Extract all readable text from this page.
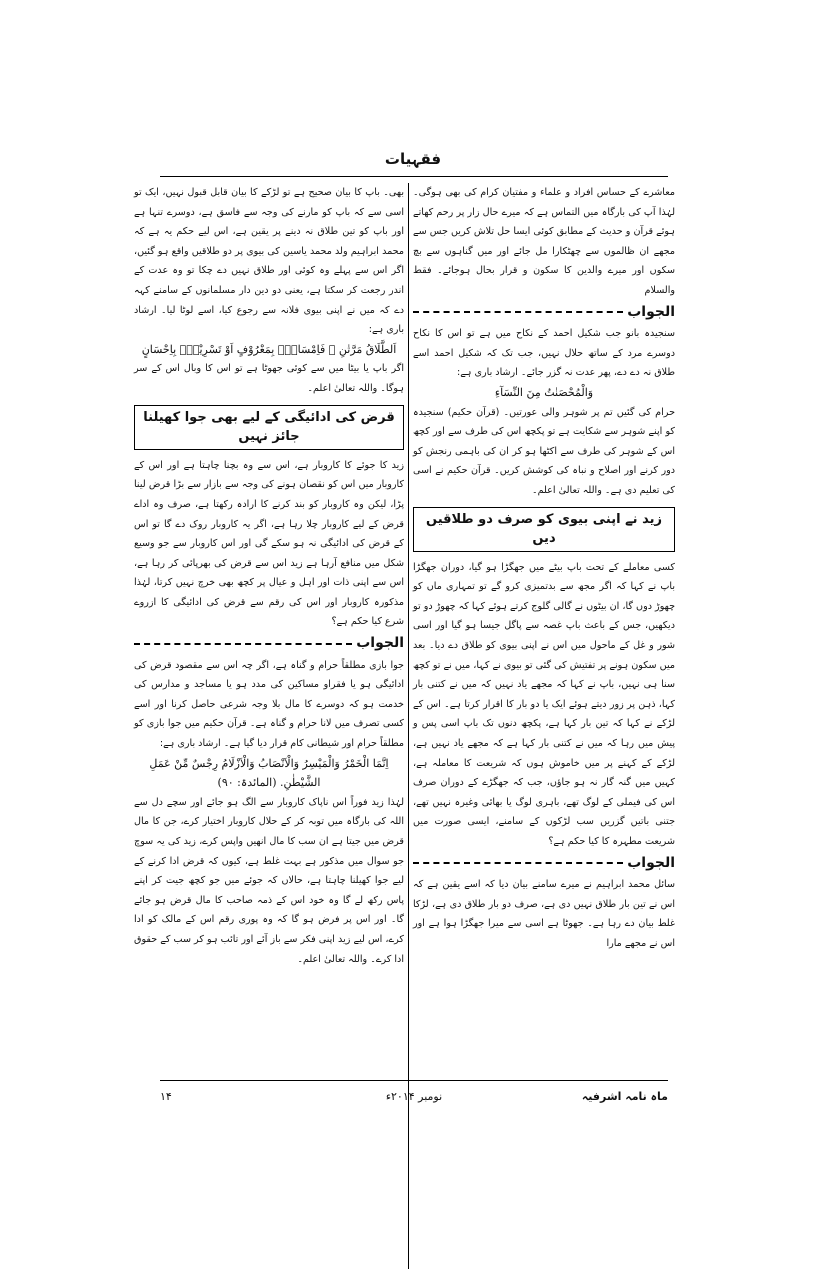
فقہیات

معاشرے کے حساس افراد و علماء و مفتیان کرام کی بھی ہوگی۔ لہٰذا آپ کی بارگاہ میں التماس ہے کہ میرے حال زار پر رحم کھاتے ہوئے قرآن و حدیث کے مطابق کوئی ایسا حل تلاش کریں جس سے مجھے ان ظالموں سے چھٹکارا مل جائے اور میں گناہوں سے بچ سکوں اور میرے والدین کا سکون و قرار بحال ہوجائے۔ فقط والسلام

الجواب

سنجیدہ بانو جب شکیل احمد کے نکاح میں ہے تو اس کا نکاح دوسرے مرد کے ساتھ حلال نہیں، جب تک کہ شکیل احمد اسے طلاق نہ دے دے، پھر عدت نہ گزر جائے۔ ارشاد باری ہے:

وَالْمُحْصَنٰتُ مِنَ النِّسَآءِ

حرام کی گئیں تم پر شوہر والی عورتیں۔ (قرآن حکیم) سنجیدہ کو اپنے شوہر سے شکایت ہے تو پکچھ اس کی طرف سے اور کچھ اس کے شوہر کی طرف سے اکٹھا ہو کر ان کی باہمی رنجش کو دور کرنے اور اصلاح و نباہ کی کوشش کریں۔ قرآن حکیم نے اسی کی تعلیم دی ہے۔ واللہ تعالیٰ اعلم۔

زید نے اپنی بیوی کو صرف دو طلاقیں دیں

کسی معاملے کے تحت باپ بیٹے میں جھگڑا ہو گیا، دوران جھگڑا باپ نے کہا کہ اگر مجھ سے بدتمیزی کرو گے تو تمہاری ماں کو چھوڑ دوں گا، ان بیٹوں نے گالی گلوج کرتے ہوئے کہا کہ چھوڑ دو تو دیکھیں، جس کے باعث باپ غصہ سے پاگل جیسا ہو گیا اور اسی شور و غل کے ماحول میں اس نے اپنی بیوی کو طلاق دے دیا۔ بعد میں سکون ہونے پر تفتیش کی گئی تو بیوی نے کہا، میں نے تو کچھ سنا ہی نہیں، باپ نے کہا کہ مجھے یاد نہیں کہ میں نے کتنی بار کہا، ذہن پر زور دیتے ہوئے ایک یا دو بار کا اقرار کرتا ہے۔ اس کے لڑکے نے کہا کہ تین بار کہا ہے، پکچھ دنوں تک باپ اسی پس و پیش میں رہا کہ میں نے کتنی بار کہا ہے کہ مجھے یاد نہیں ہے، لڑکے کے کہنے پر میں خاموش ہوں کہ شریعت کا معاملہ ہے، کہیں میں گنہ گار نہ ہو جاؤں، جب کہ جھگڑے کے دوران صرف اس کی فیملی کے لوگ تھے، باہری لوگ یا بھائی وغیرہ نہیں تھے، جتنی باتیں گزریں سب لڑکوں کے سامنے، ایسی صورت میں شریعت مطہرہ کا کیا حکم ہے؟

الجواب

سائل محمد ابراہیم نے میرے سامنے بیان دیا کہ اسے یقین ہے کہ اس نے تین بار طلاق نہیں دی ہے، صرف دو بار طلاق دی ہے، لڑکا غلط بیان دے رہا ہے۔ جھوٹا ہے اسی سے میرا جھگڑا ہوا ہے اور اس نے مجھے مارا

بھی۔ باپ کا بیان صحیح ہے تو لڑکے کا بیان قابل قبول نہیں، ایک تو اسی سے کہ باپ کو مارنے کی وجہ سے فاسق ہے، دوسرے تنہا ہے اور باپ کو تین طلاق نہ دینے پر یقین ہے، اس لیے حکم یہ ہے کہ محمد ابراہیم ولد محمد یاسین کی بیوی پر دو طلاقیں واقع ہو گئیں، اگر اس سے پہلے وہ کوئی اور طلاق نہیں دے چکا تو وہ عدت کے اندر رجعت کر سکتا ہے، یعنی دو دین دار مسلمانوں کے سامنے کہہ دے کہ میں نے اپنی بیوی فلانہ سے رجوع کیا، اسے لوٹا لیا۔ ارشاد باری ہے:

اَلطَّلَاقُ مَرَّتٰنِ ۪ فَاِمْسَاكٌۢ بِمَعْرُوْفٍ اَوْ تَسْرِيْحٌۢ بِاِحْسَانٍ

اگر باپ یا بیٹا میں سے کوئی جھوٹا ہے تو اس کا وبال اس کے سر ہوگا۔ واللہ تعالیٰ اعلم۔

قرض کی ادائیگی کے لیے بھی جوا کھیلنا جائز نہیں

زید کا جوئے کا کاروبار ہے، اس سے وہ بچنا چاہتا ہے اور اس کے کاروبار میں اس کو نقصان ہونے کی وجہ سے بازار سے بڑا قرض لینا پڑا، لیکن وہ کاروبار کو بند کرنے کا ارادہ رکھتا ہے، صرف وہ اداے قرض کے لیے کاروبار چلا رہا ہے، اگر یہ کاروبار روک دے گا تو اس کے قرض کی ادائیگی نہ ہو سکے گی اور اس کاروبار سے جو وسیع شکل میں منافع آرہا ہے زید اس سے قرض کی بھرپائی کر رہا ہے، اس سے اپنی ذات اور اہل و عیال پر کچھ بھی خرچ نہیں کرتا، لہٰذا مذکورہ کاروبار اور اس کی رقم سے قرض کی ادائیگی کا ازروے شرع کیا حکم ہے؟

الجواب

جوا بازی مطلقاً حرام و گناہ ہے، اگر چہ اس سے مقصود قرض کی ادائیگی ہو یا فقراو مساکین کی مدد ہو یا مساجد و مدارس کی خدمت ہو کہ دوسرے کا مال بلا وجہ شرعی حاصل کرنا اور اسے کسی تصرف میں لانا حرام و گناہ ہے۔ قرآن حکیم میں جوا بازی کو مطلقاً حرام اور شیطانی کام قرار دیا گیا ہے۔ ارشاد باری ہے:

اِنَّمَا الْخَمْرُ وَالْمَيْسِرُ وَالْاَنْصَابُ وَالْاَزْلَامُ رِجْسٌ مِّنْ عَمَلِ الشَّيْطٰنِ. (المائدۃ: ۹۰)

لہٰذا زید فوراً اس ناپاک کاروبار سے الگ ہو جائے اور سچے دل سے اللہ کی بارگاہ میں توبہ کر کے حلال کاروبار اختیار کرے، جن کا مال قرض میں جیتا ہے ان سب کا مال انھیں واپس کرے، زید کی یہ سوچ جو سوال میں مذکور ہے بہت غلط ہے، کیوں کہ قرض ادا کرنے کے لیے جوا کھیلنا چاہتا ہے، حالاں کہ جوئے میں جو کچھ جیت کر اپنے پاس رکھ لے گا وہ خود اس کے ذمہ صاحب کا مال قرض ہو جائے گا۔ اور اس پر فرض ہو گا کہ وہ پوری رقم اس کے مالک کو ادا کرے، اس لیے زید اپنی فکر سے باز آئے اور تائب ہو کر سب کے حقوق ادا کرے۔ واللہ تعالیٰ اعلم۔

ماہ نامہ اشرفیہ
نومبر ۲۰۱۴ء
۱۴
